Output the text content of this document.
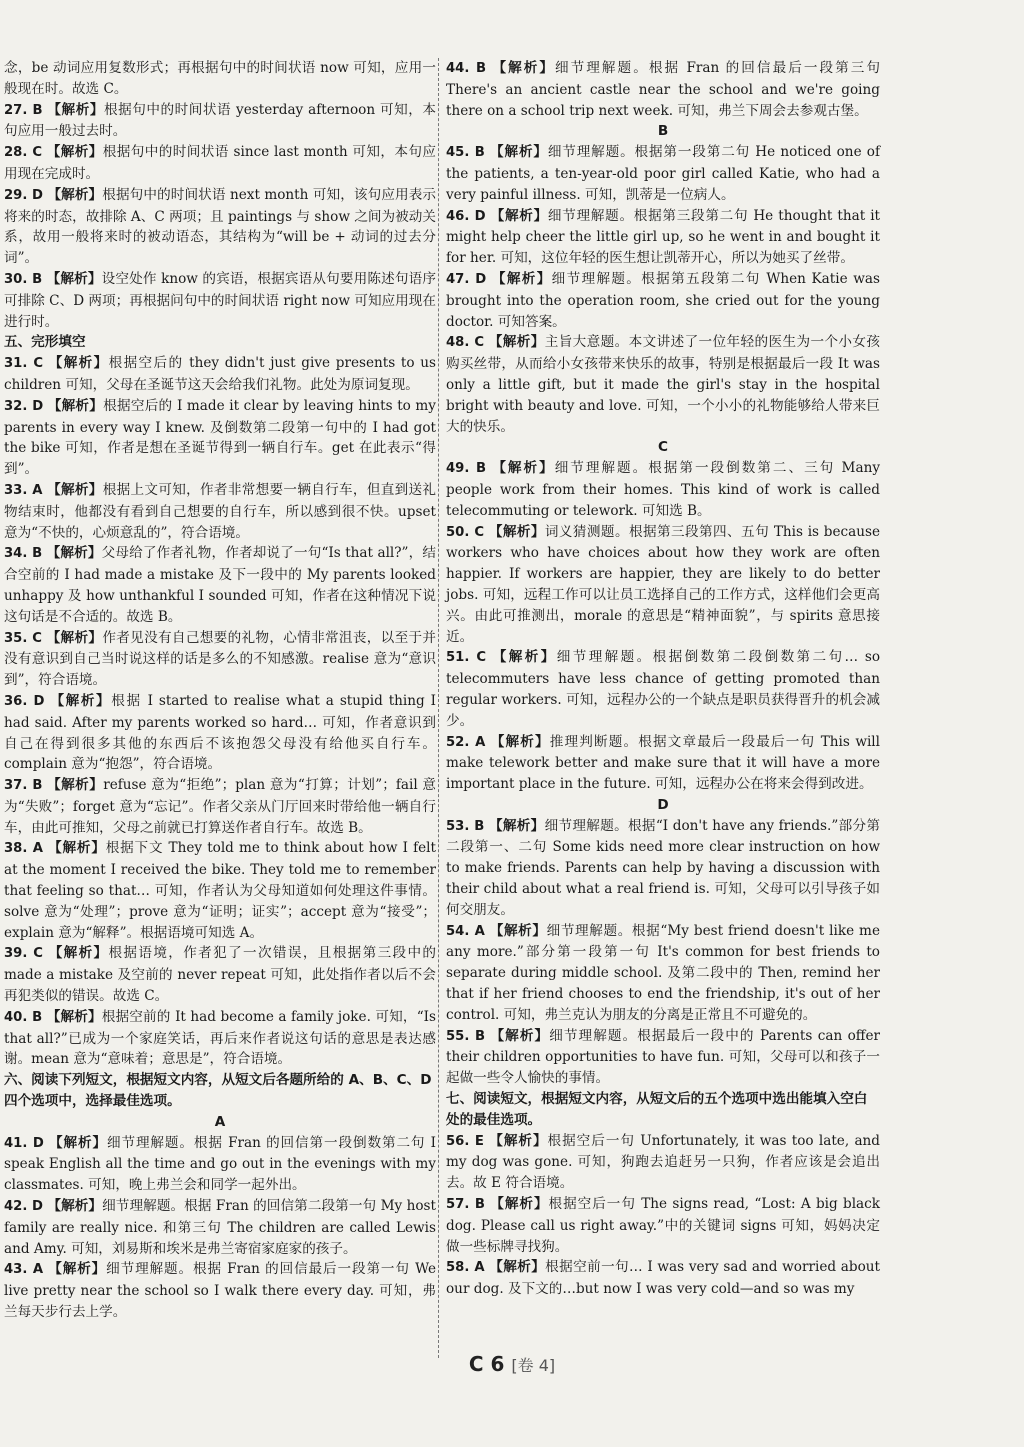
念，be 动词应用复数形式；再根据句中的时间状语 now 可知，应用一般现在时。故选 C。

27. B 【解析】根据句中的时间状语 yesterday afternoon 可知，本句应用一般过去时。

28. C 【解析】根据句中的时间状语 since last month 可知，本句应用现在完成时。

29. D 【解析】根据句中的时间状语 next month 可知，该句应用表示将来的时态，故排除 A、C 两项；且 paintings 与 show 之间为被动关系，故用一般将来时的被动语态，其结构为“will be + 动词的过去分词”。

30. B 【解析】设空处作 know 的宾语，根据宾语从句要用陈述句语序可排除 C、D 两项；再根据问句中的时间状语 right now 可知应用现在进行时。

五、完形填空

31. C 【解析】根据空后的 they didn't just give presents to us children 可知，父母在圣诞节这天会给我们礼物。此处为原词复现。

32. D 【解析】根据空后的 I made it clear by leaving hints to my parents in every way I knew. 及倒数第二段第一句中的 I had got the bike 可知，作者是想在圣诞节得到一辆自行车。get 在此表示“得到”。

33. A 【解析】根据上文可知，作者非常想要一辆自行车，但直到送礼物结束时，他都没有看到自己想要的自行车，所以感到很不快。upset 意为“不快的，心烦意乱的”，符合语境。

34. B 【解析】父母给了作者礼物，作者却说了一句“Is that all?”，结合空前的 I had made a mistake 及下一段中的 My parents looked unhappy 及 how unthankful I sounded 可知，作者在这种情况下说这句话是不合适的。故选 B。

35. C 【解析】作者见没有自己想要的礼物，心情非常沮丧，以至于并没有意识到自己当时说这样的话是多么的不知感激。realise 意为“意识到”，符合语境。

36. D 【解析】根据 I started to realise what a stupid thing I had said. After my parents worked so hard… 可知，作者意识到自己在得到很多其他的东西后不该抱怨父母没有给他买自行车。complain 意为“抱怨”，符合语境。

37. B 【解析】refuse 意为“拒绝”；plan 意为“打算；计划”；fail 意为“失败”；forget 意为“忘记”。作者父亲从门厅回来时带给他一辆自行车，由此可推知，父母之前就已打算送作者自行车。故选 B。

38. A 【解析】根据下文 They told me to think about how I felt at the moment I received the bike. They told me to remember that feeling so that… 可知，作者认为父母知道如何处理这件事情。solve 意为“处理”；prove 意为“证明；证实”；accept 意为“接受”；explain 意为“解释”。根据语境可知选 A。

39. C 【解析】根据语境，作者犯了一次错误，且根据第三段中的 made a mistake 及空前的 never repeat 可知，此处指作者以后不会再犯类似的错误。故选 C。

40. B 【解析】根据空前的 It had become a family joke. 可知，“Is that all?”已成为一个家庭笑话，再后来作者说这句话的意思是表达感谢。mean 意为“意味着；意思是”，符合语境。

六、阅读下列短文，根据短文内容，从短文后各题所给的 A、B、C、D 四个选项中，选择最佳选项。

A

41. D 【解析】细节理解题。根据 Fran 的回信第一段倒数第二句 I speak English all the time and go out in the evenings with my classmates. 可知，晚上弗兰会和同学一起外出。

42. D 【解析】细节理解题。根据 Fran 的回信第二段第一句 My host family are really nice. 和第三句 The children are called Lewis and Amy. 可知，刘易斯和埃米是弗兰寄宿家庭家的孩子。

43. A 【解析】细节理解题。根据 Fran 的回信最后一段第一句 We live pretty near the school so I walk there every day. 可知，弗兰每天步行去上学。

44. B 【解析】细节理解题。根据 Fran 的回信最后一段第三句 There's an ancient castle near the school and we're going there on a school trip next week. 可知，弗兰下周会去参观古堡。

B

45. B 【解析】细节理解题。根据第一段第二句 He noticed one of the patients, a ten-year-old poor girl called Katie, who had a very painful illness. 可知，凯蒂是一位病人。

46. D 【解析】细节理解题。根据第三段第二句 He thought that it might help cheer the little girl up, so he went in and bought it for her. 可知，这位年轻的医生想让凯蒂开心，所以为她买了丝带。

47. D 【解析】细节理解题。根据第五段第二句 When Katie was brought into the operation room, she cried out for the young doctor. 可知答案。

48. C 【解析】主旨大意题。本文讲述了一位年轻的医生为一个小女孩购买丝带，从而给小女孩带来快乐的故事，特别是根据最后一段 It was only a little gift, but it made the girl's stay in the hospital bright with beauty and love. 可知，一个小小的礼物能够给人带来巨大的快乐。

C

49. B 【解析】细节理解题。根据第一段倒数第二、三句 Many people work from their homes. This kind of work is called telecommuting or telework. 可知选 B。

50. C 【解析】词义猜测题。根据第三段第四、五句 This is because workers who have choices about how they work are often happier. If workers are happier, they are likely to do better jobs. 可知，远程工作可以让员工选择自己的工作方式，这样他们会更高兴。由此可推测出，morale 的意思是“精神面貌”，与 spirits 意思接近。

51. C 【解析】细节理解题。根据倒数第二段倒数第二句… so telecommuters have less chance of getting promoted than regular workers. 可知，远程办公的一个缺点是职员获得晋升的机会减少。

52. A 【解析】推理判断题。根据文章最后一段最后一句 This will make telework better and make sure that it will have a more important place in the future. 可知，远程办公在将来会得到改进。

D

53. B 【解析】细节理解题。根据“I don't have any friends.”部分第二段第一、二句 Some kids need more clear instruction on how to make friends. Parents can help by having a discussion with their child about what a real friend is. 可知，父母可以引导孩子如何交朋友。

54. A 【解析】细节理解题。根据“My best friend doesn't like me any more.”部分第一段第一句 It's common for best friends to separate during middle school. 及第二段中的 Then, remind her that if her friend chooses to end the friendship, it's out of her control. 可知，弗兰克认为朋友的分离是正常且不可避免的。

55. B 【解析】细节理解题。根据最后一段中的 Parents can offer their children opportunities to have fun. 可知，父母可以和孩子一起做一些令人愉快的事情。

七、阅读短文，根据短文内容，从短文后的五个选项中选出能填入空白处的最佳选项。

56. E 【解析】根据空后一句 Unfortunately, it was too late, and my dog was gone. 可知，狗跑去追赶另一只狗，作者应该是会追出去。故 E 符合语境。

57. B 【解析】根据空后一句 The signs read, “Lost: A big black dog. Please call us right away.”中的关键词 signs 可知，妈妈决定做一些标牌寻找狗。

58. A 【解析】根据空前一句… I was very sad and worried about our dog. 及下文的…but now I was very cold—and so was my

C 6 [卷 4]
